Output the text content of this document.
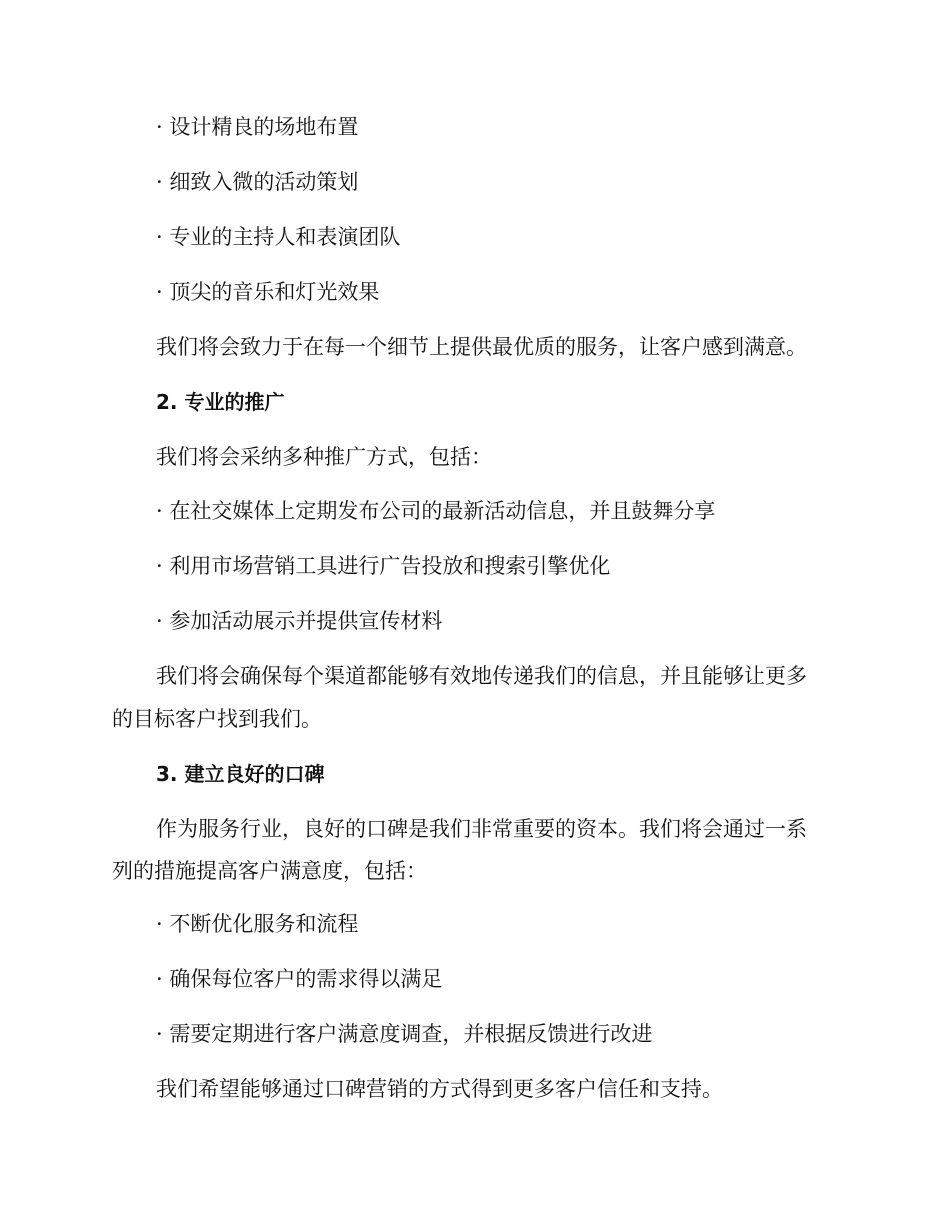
· 设计精良的场地布置
· 细致入微的活动策划
· 专业的主持人和表演团队
· 顶尖的音乐和灯光效果
我们将会致力于在每一个细节上提供最优质的服务，让客户感到满意。
2. 专业的推广
我们将会采纳多种推广方式，包括：
· 在社交媒体上定期发布公司的最新活动信息，并且鼓舞分享
· 利用市场营销工具进行广告投放和搜索引擎优化
· 参加活动展示并提供宣传材料
我们将会确保每个渠道都能够有效地传递我们的信息，并且能够让更多
的目标客户找到我们。
3. 建立良好的口碑
作为服务行业，良好的口碑是我们非常重要的资本。我们将会通过一系
列的措施提高客户满意度，包括：
· 不断优化服务和流程
· 确保每位客户的需求得以满足
· 需要定期进行客户满意度调查，并根据反馈进行改进
我们希望能够通过口碑营销的方式得到更多客户信任和支持。
